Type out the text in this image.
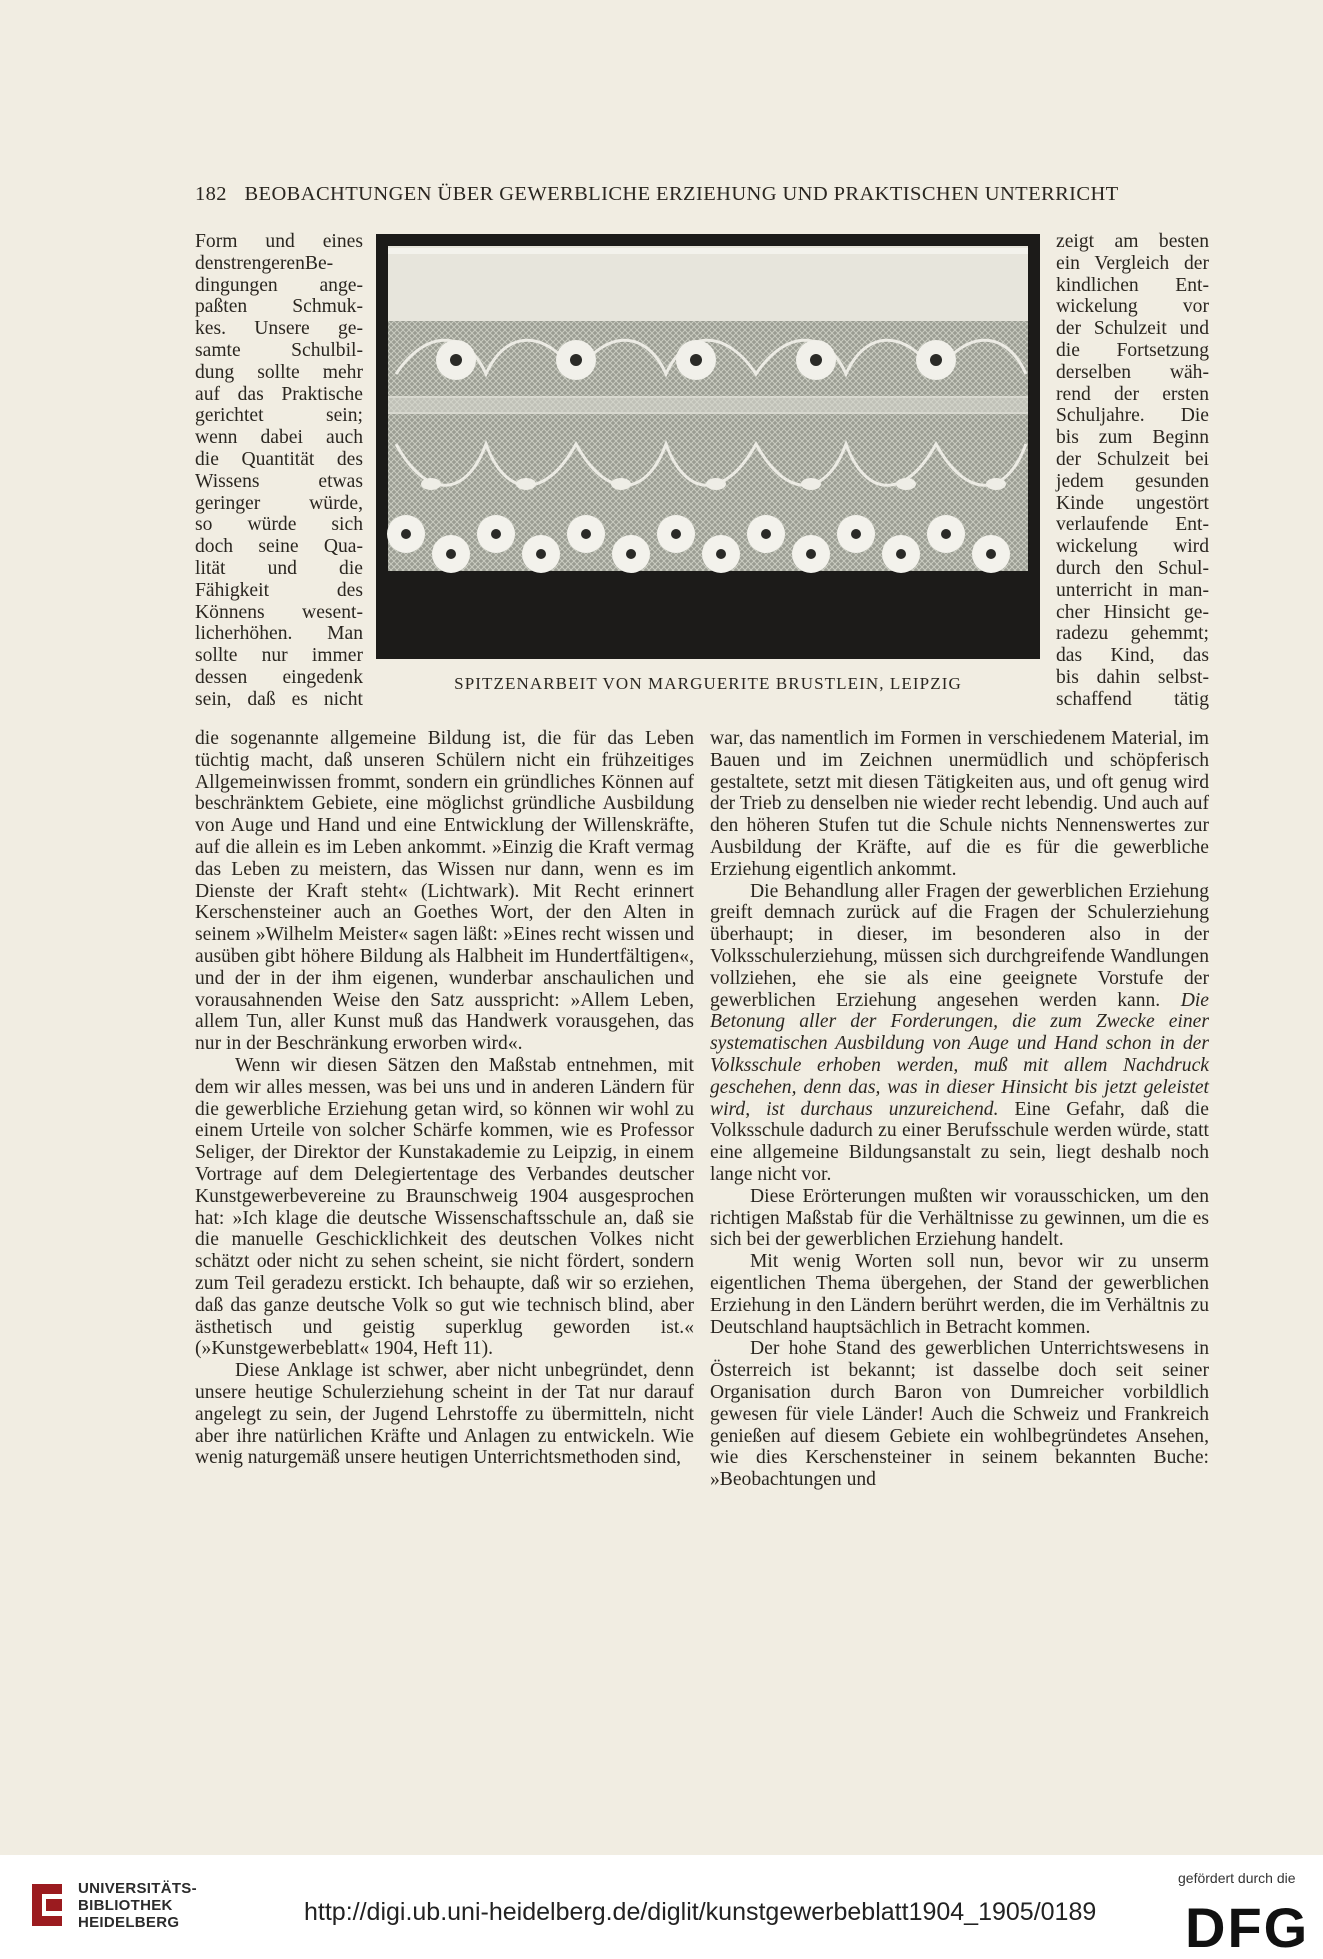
182 BEOBACHTUNGEN ÜBER GEWERBLICHE ERZIEHUNG UND PRAKTISCHEN UNTERRICHT
Form und eines
denstrengerenBe-
dingungen ange-
paßten Schmuk-
kes. Unsere ge-
samte Schulbil-
dung sollte mehr
auf das Praktische
gerichtet sein;
wenn dabei auch
die Quantität des
Wissens etwas
geringer würde,
so würde sich
doch seine Qua-
lität und die
Fähigkeit des
Könnens wesent-
licherhöhen. Man
sollte nur immer
dessen eingedenk
sein, daß es nicht
zeigt am besten
ein Vergleich der
kindlichen Ent-
wickelung vor
der Schulzeit und
die Fortsetzung
derselben wäh-
rend der ersten
Schuljahre. Die
bis zum Beginn
der Schulzeit bei
jedem gesunden
Kinde ungestört
verlaufende Ent-
wickelung wird
durch den Schul-
unterricht in man-
cher Hinsicht ge-
radezu gehemmt;
das Kind, das
bis dahin selbst-
schaffend tätig
SPITZENARBEIT VON MARGUERITE BRUSTLEIN, LEIPZIG

die sogenannte allgemeine Bildung ist, die für das Leben tüchtig macht, daß unseren Schülern nicht ein frühzeitiges Allgemeinwissen frommt, sondern ein gründliches Können auf beschränktem Gebiete, eine möglichst gründliche Ausbildung von Auge und Hand und eine Entwicklung der Willenskräfte, auf die allein es im Leben ankommt. »Einzig die Kraft vermag das Leben zu meistern, das Wissen nur dann, wenn es im Dienste der Kraft steht« (Lichtwark). Mit Recht erinnert Kerschensteiner auch an Goethes Wort, der den Alten in seinem »Wilhelm Meister« sagen läßt: »Eines recht wissen und ausüben gibt höhere Bildung als Halbheit im Hundertfältigen«, und der in der ihm eigenen, wunderbar anschaulichen und vorausahnenden Weise den Satz ausspricht: »Allem Leben, allem Tun, aller Kunst muß das Handwerk vorausgehen, das nur in der Beschränkung erworben wird«.

Wenn wir diesen Sätzen den Maßstab entnehmen, mit dem wir alles messen, was bei uns und in anderen Ländern für die gewerbliche Erziehung getan wird, so können wir wohl zu einem Urteile von solcher Schärfe kommen, wie es Professor Seliger, der Direktor der Kunstakademie zu Leipzig, in einem Vortrage auf dem Delegiertentage des Verbandes deutscher Kunstgewerbevereine zu Braunschweig 1904 ausgesprochen hat: »Ich klage die deutsche Wissenschaftsschule an, daß sie die manuelle Geschicklichkeit des deutschen Volkes nicht schätzt oder nicht zu sehen scheint, sie nicht fördert, sondern zum Teil geradezu erstickt. Ich behaupte, daß wir so erziehen, daß das ganze deutsche Volk so gut wie technisch blind, aber ästhetisch und geistig superklug geworden ist.« (»Kunstgewerbeblatt« 1904, Heft 11).

Diese Anklage ist schwer, aber nicht unbegründet, denn unsere heutige Schulerziehung scheint in der Tat nur darauf angelegt zu sein, der Jugend Lehrstoffe zu übermitteln, nicht aber ihre natürlichen Kräfte und Anlagen zu entwickeln. Wie wenig naturgemäß unsere heutigen Unterrichtsmethoden sind,

war, das namentlich im Formen in verschiedenem Material, im Bauen und im Zeichnen unermüdlich und schöpferisch gestaltete, setzt mit diesen Tätigkeiten aus, und oft genug wird der Trieb zu denselben nie wieder recht lebendig. Und auch auf den höheren Stufen tut die Schule nichts Nennenswertes zur Ausbildung der Kräfte, auf die es für die gewerbliche Erziehung eigentlich ankommt.

Die Behandlung aller Fragen der gewerblichen Erziehung greift demnach zurück auf die Fragen der Schulerziehung überhaupt; in dieser, im besonderen also in der Volksschulerziehung, müssen sich durchgreifende Wandlungen vollziehen, ehe sie als eine geeignete Vorstufe der gewerblichen Erziehung angesehen werden kann. Die Betonung aller der Forderungen, die zum Zwecke einer systematischen Ausbildung von Auge und Hand schon in der Volksschule erhoben werden, muß mit allem Nachdruck geschehen, denn das, was in dieser Hinsicht bis jetzt geleistet wird, ist durchaus unzureichend. Eine Gefahr, daß die Volksschule dadurch zu einer Berufsschule werden würde, statt eine allgemeine Bildungsanstalt zu sein, liegt deshalb noch lange nicht vor.

Diese Erörterungen mußten wir vorausschicken, um den richtigen Maßstab für die Verhältnisse zu gewinnen, um die es sich bei der gewerblichen Erziehung handelt.

Mit wenig Worten soll nun, bevor wir zu unserm eigentlichen Thema übergehen, der Stand der gewerblichen Erziehung in den Ländern berührt werden, die im Verhältnis zu Deutschland hauptsächlich in Betracht kommen.

Der hohe Stand des gewerblichen Unterrichtswesens in Österreich ist bekannt; ist dasselbe doch seit seiner Organisation durch Baron von Dumreicher vorbildlich gewesen für viele Länder! Auch die Schweiz und Frankreich genießen auf diesem Gebiete ein wohlbegründetes Ansehen, wie dies Kerschensteiner in seinem bekannten Buche: »Beobachtungen und

UNIVERSITÄTS-
BIBLIOTHEK
HEIDELBERG	http://digi.ub.uni-heidelberg.de/diglit/kunstgewerbeblatt1904_1905/0189
gefördert durch die
DFG
